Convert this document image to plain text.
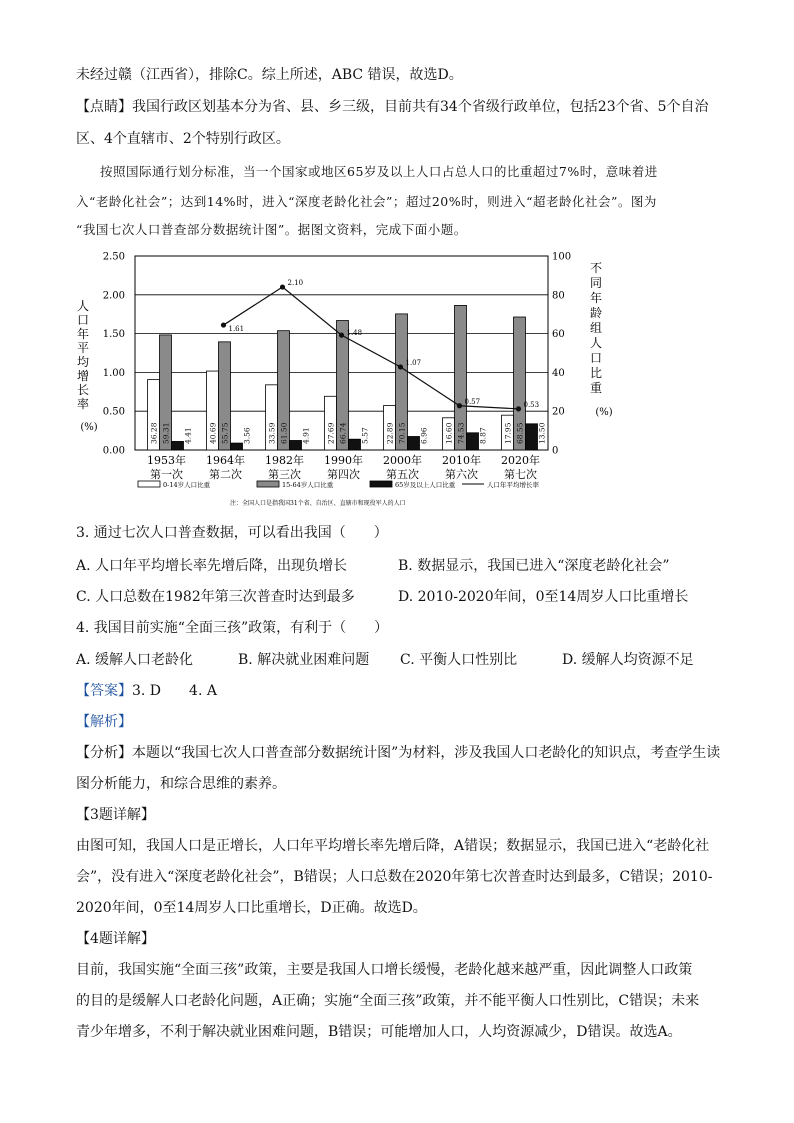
未经过赣（江西省），排除C。综上所述，ABC 错误，故选D。
【点睛】我国行政区划基本分为省、县、乡三级，目前共有34个省级行政单位，包括23个省、5个自治
区、4个直辖市、2个特别行政区。
按照国际通行划分标准，当一个国家或地区65岁及以上人口占总人口的比重超过7%时，意味着进
入“老龄化社会”；达到14%时，进入“深度老龄化社会”；超过20%时，则进入“超老龄化社会”。图为
“我国七次人口普查部分数据统计图”。据图文资料，完成下面小题。
0.00
0.50
1.00
1.50
2.00
2.50
0
20
40
60
80
100
人
口
年
平
均
增
长
率
(%)
不
同
年
龄
组
人
口
比
重
(%)
36.28 59.31 4.41
1953年
第一次
40.69 55.75 3.56
1964年
第二次
33.59 61.50 4.91
1982年
第三次
27.69 66.74 5.57
1990年
第四次
22.89 70.15 6.96
2000年
第五次
16.60 74.53 8.87
2010年
第六次
17.95 68.55 13.50
2020年
第七次
1.61
2.10
1.48
1.07
0.57	0.53
0-14岁人口比重	15-64岁人口比重	65岁及以上人口比重	人口年平均增长率
注：全国人口是指我国31个省、自治区、直辖市和现役军人的人口
3. 通过七次人口普查数据，可以看出我国（　　）
A. 人口年平均增长率先增后降，出现负增长	B. 数据显示，我国已进入“深度老龄化社会”
C. 人口总数在1982年第三次普查时达到最多	D. 2010-2020年间，0至14周岁人口比重增长
4. 我国目前实施“全面三孩”政策，有利于（　　）
A. 缓解人口老龄化	B. 解决就业困难问题 C. 平衡人口性别比	D. 缓解人均资源不足
【答案】3. D　　4. A
【解析】
【分析】本题以“我国七次人口普查部分数据统计图”为材料，涉及我国人口老龄化的知识点，考查学生读
图分析能力，和综合思维的素养。
【3题详解】
由图可知，我国人口是正增长，人口年平均增长率先增后降，A错误；数据显示，我国已进入“老龄化社
会”，没有进入“深度老龄化社会”，B错误；人口总数在2020年第七次普查时达到最多，C错误；2010-
2020年间，0至14周岁人口比重增长，D正确。故选D。
【4题详解】
目前，我国实施“全面三孩”政策，主要是我国人口增长缓慢，老龄化越来越严重，因此调整人口政策
的目的是缓解人口老龄化问题，A正确；实施“全面三孩”政策，并不能平衡人口性别比，C错误；未来
青少年增多，不利于解决就业困难问题，B错误；可能增加人口，人均资源减少，D错误。故选A。
